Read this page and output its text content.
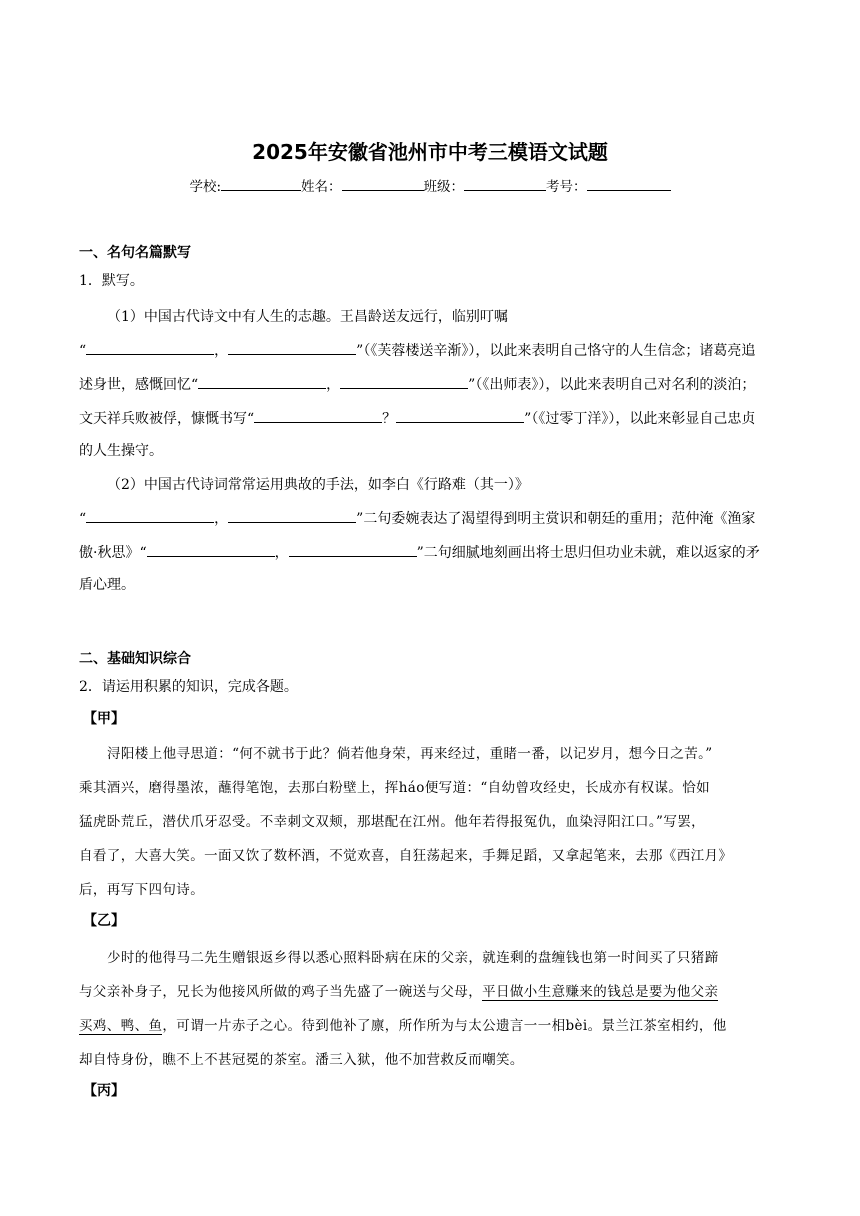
2025年安徽省池州市中考三模语文试题
学校:	姓名：	班级：	考号：
一、名句名篇默写
1．默写。
（1）中国古代诗文中有人生的志趣。王昌龄送友远行，临别叮嘱
“	，	”（《芙蓉楼送辛渐》），以此来表明自己恪守的人生信念；诸葛亮追
述身世，感慨回忆“	，	”（《出师表》），以此来表明自己对名利的淡泊；
文天祥兵败被俘，慷慨书写“	？	”（《过零丁洋》），以此来彰显自己忠贞
的人生操守。
（2）中国古代诗词常常运用典故的手法，如李白《行路难（其一）》
“	，	”二句委婉表达了渴望得到明主赏识和朝廷的重用；范仲淹《渔家
傲·秋思》“	，	”二句细腻地刻画出将士思归但功业未就，难以返家的矛
盾心理。
二、基础知识综合
2．请运用积累的知识，完成各题。
【甲】
浔阳楼上他寻思道：“何不就书于此？倘若他身荣，再来经过，重睹一番，以记岁月，想今日之苦。”
乘其酒兴，磨得墨浓，蘸得笔饱，去那白粉壁上，挥háo便写道：“自幼曾攻经史，长成亦有权谋。恰如
猛虎卧荒丘，潜伏爪牙忍受。不幸刺文双颊，那堪配在江州。他年若得报冤仇，血染浔阳江口。”写罢，
自看了，大喜大笑。一面又饮了数杯酒，不觉欢喜，自狂荡起来，手舞足蹈，又拿起笔来，去那《西江月》
后，再写下四句诗。
【乙】
少时的他得马二先生赠银返乡得以悉心照料卧病在床的父亲，就连剩的盘缠钱也第一时间买了只猪蹄
与父亲补身子，兄长为他接风所做的鸡子当先盛了一碗送与父母，平日做小生意赚来的钱总是要为他父亲
买鸡、鸭、鱼，可谓一片赤子之心。待到他补了廪，所作所为与太公遗言一一相bèi。景兰江茶室相约，他
却自恃身份，瞧不上不甚冠冕的茶室。潘三入狱，他不加营救反而嘲笑。
【丙】
